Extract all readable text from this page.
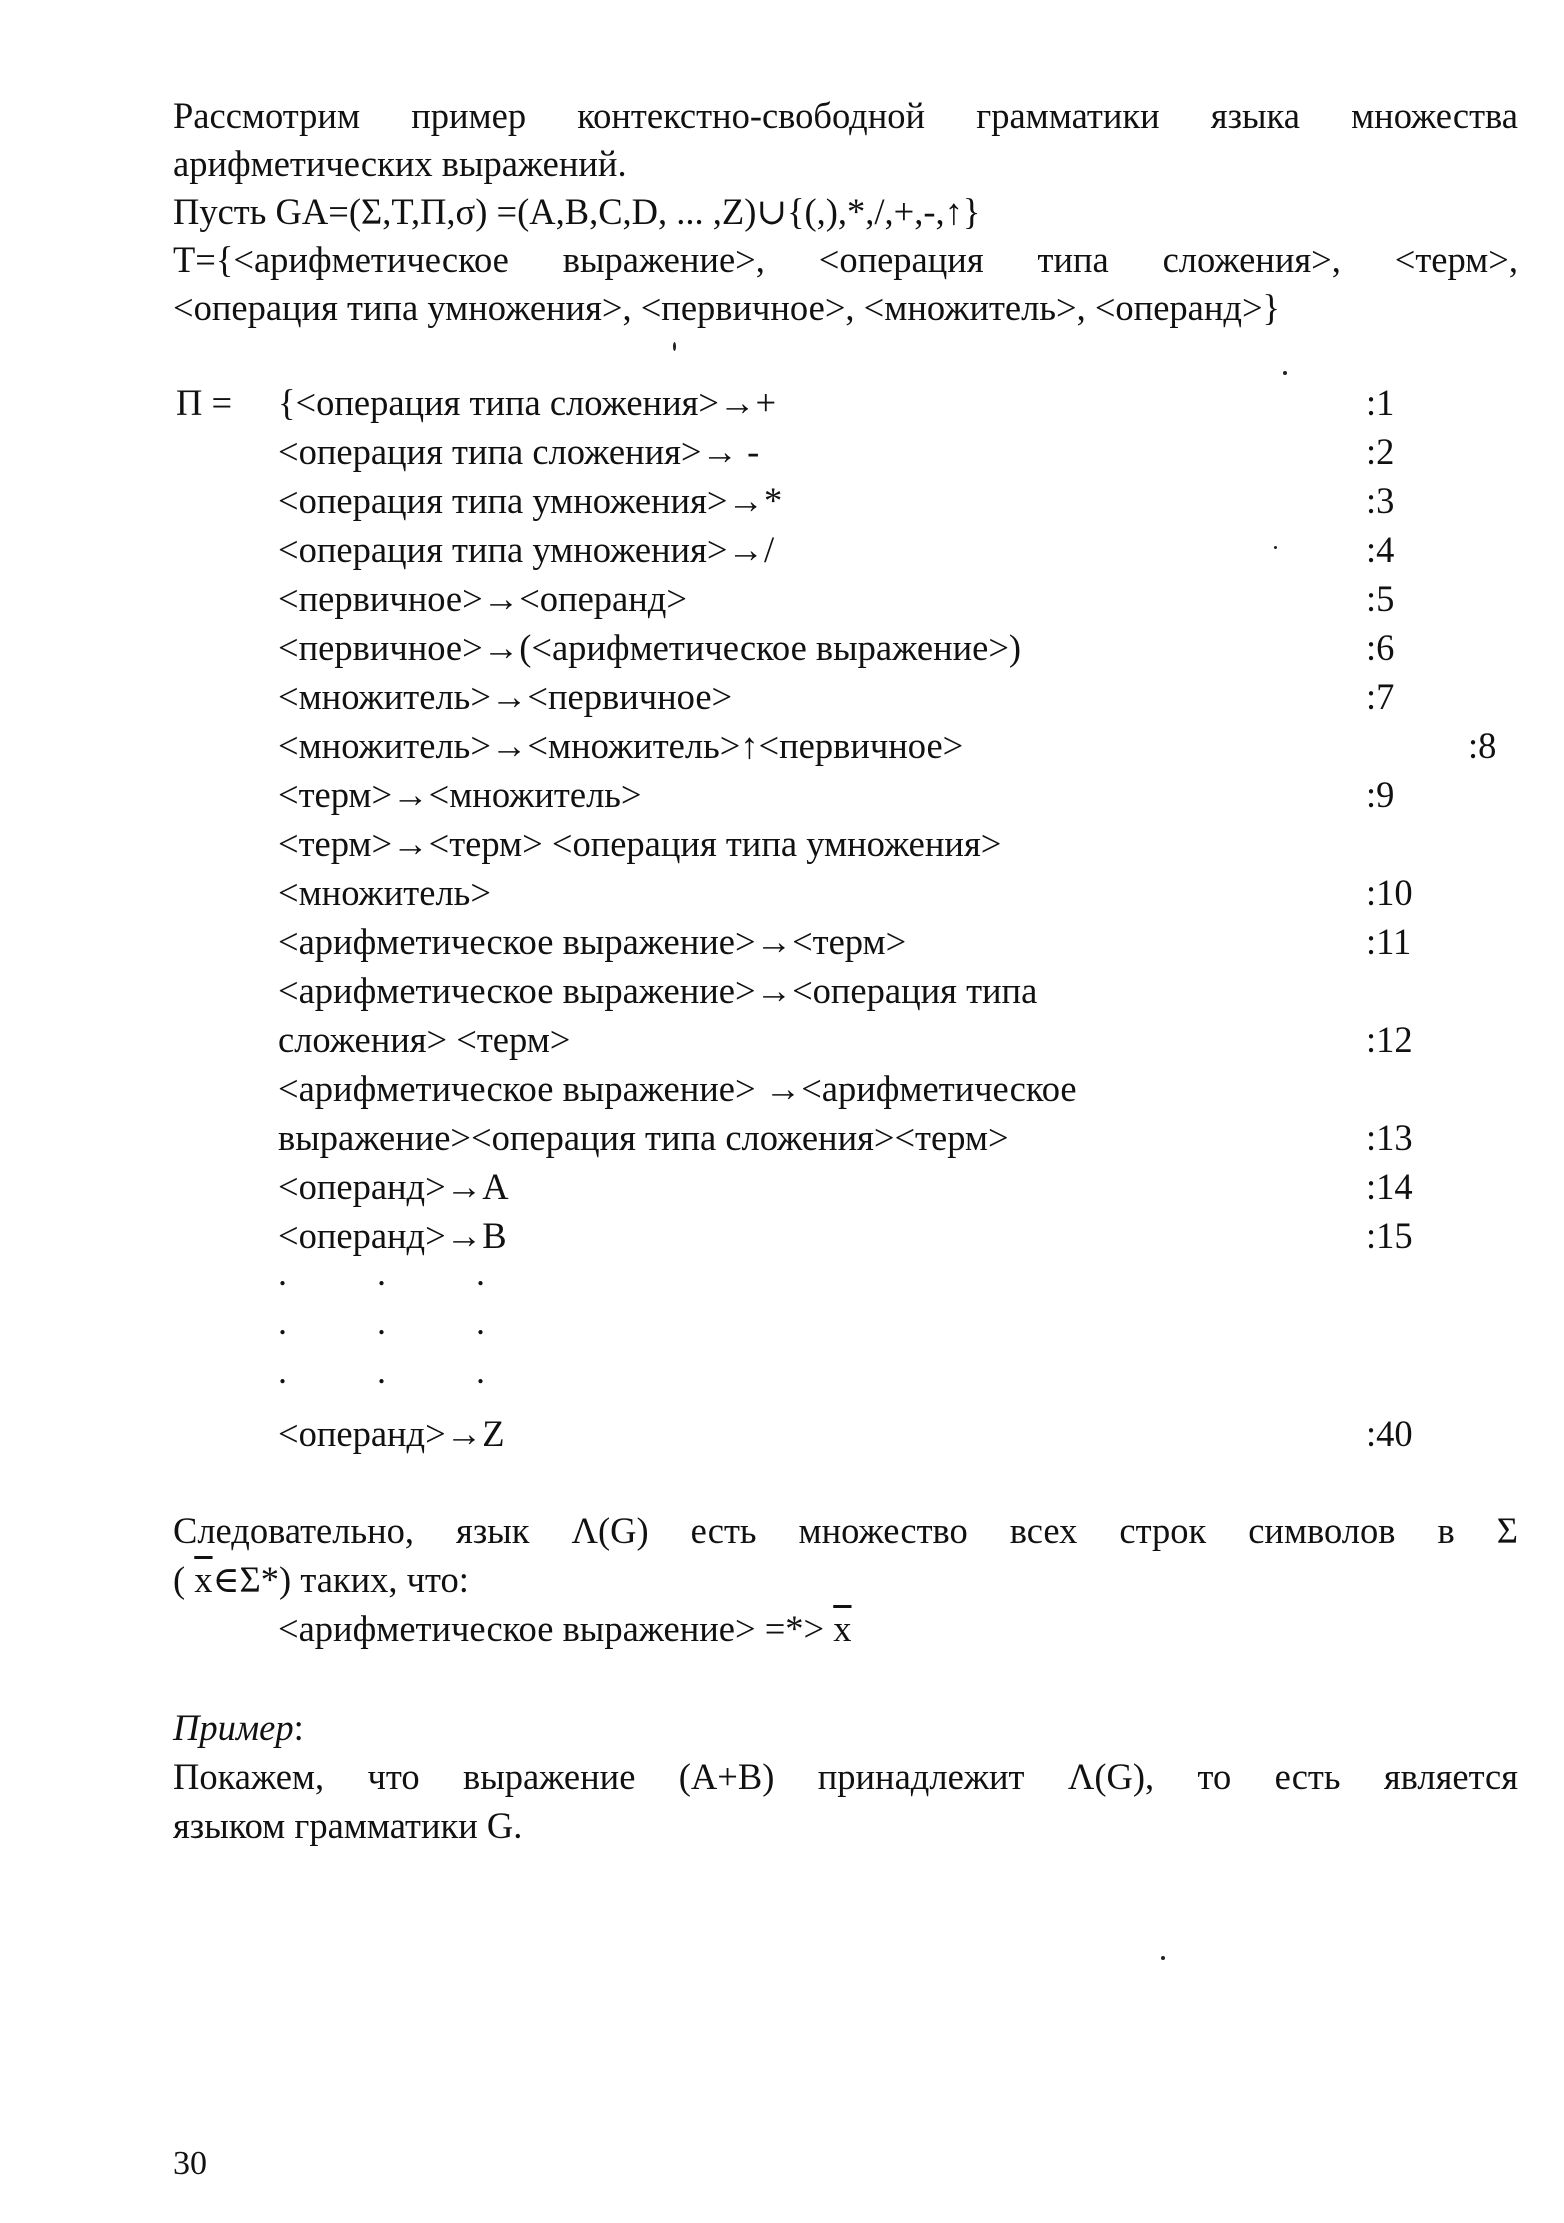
Рассмотрим пример контекстно-свободной грамматики языка множества

арифметических выражений.

Пусть GA=(Σ,T,Π,σ) =(A,B,C,D, ... ,Z)∪{(,),*,/,+,-,↑}

T={<арифметическое выражение>, <операция типа сложения>, <терм>,

<операция типа умножения>, <первичное>, <множитель>, <операнд>}

Π = {<операция типа сложения>→+	:1
<операция типа сложения>→ -	:2
<операция типа умножения>→*	:3
<операция типа умножения>→/	:4
<первичное>→<операнд>	:5
<первичное>→(<арифметическое выражение>)	:6
<множитель>→<первичное>	:7
<множитель>→<множитель>↑<первичное>	:8
<терм>→<множитель>	:9
<терм>→<терм> <операция типа умножения>
<множитель>	:10
<арифметическое выражение>→<терм>	:11
<арифметическое выражение>→<операция типа
сложения> <терм>	:12
<арифметическое выражение> →<арифметическое
выражение><операция типа сложения><терм>	:13
<операнд>→A	:14
<операнд>→B	:15
.	.	.
.	.	.
.	.	.
<операнд>→Z	:40

Следовательно, язык Λ(G) есть множество всех строк символов в Σ

( $\overline{x}\in\Sigma*$) таких, что:

<арифметическое выражение> =*> $\overline{x}$

Пример:

Покажем, что выражение (A+B) принадлежит Λ(G), то есть является

языком грамматики G.

30
